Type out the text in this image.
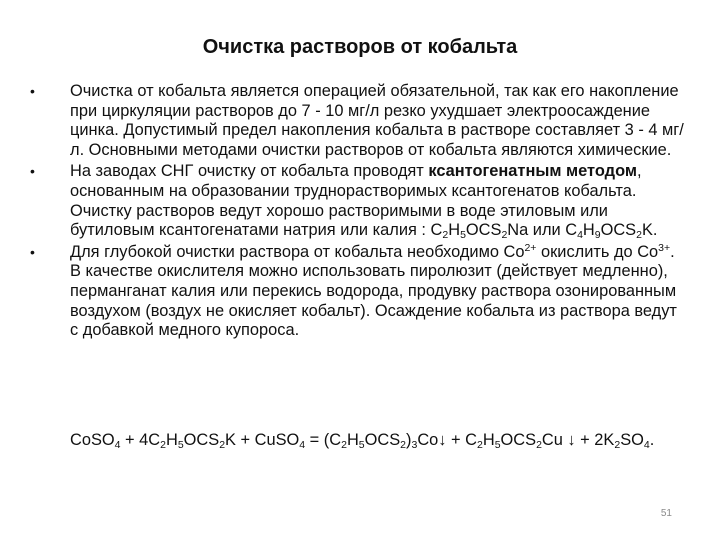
Очистка растворов от кобальта
• Очистка от кобальта является операцией обязательной, так как его накопление при циркуляции растворов до 7 - 10 мг/л резко ухудшает электроосаждение цинка. Допустимый предел накопления кобальта в растворе составляет 3 - 4 мг/л. Основными методами очистки растворов от кобальта являются химические.
• На заводах СНГ очистку от кобальта проводят ксантогенатным методом, основанным на образовании труднорастворимых ксантогенатов кобальта. Очистку растворов ведут хорошо растворимыми в воде этиловым или бутиловым ксантогенатами натрия или калия : $C_2H_5OCS_2Na$ или $C_4H_9OCS_2K$.
• Для глубокой очистки раствора от кобальта необходимо $Co^{2+}$ окислить до $Co^{3+}$. В качестве окислителя можно использовать пиролюзит (действует медленно), перманганат калия или перекись водорода, продувку раствора озонированным воздухом (воздух не окисляет кобальт). Осаждение кобальта из раствора ведут с добавкой медного купороса.

CoSO$_4$ + $4C_2H_5OCS_2K$ + CuSO$_4$ = $(C_2H_5OCS_2)_3Co↓ + C_2H_5OCS_2Cu$ ↓ + $2K_2SO_4$.

51
